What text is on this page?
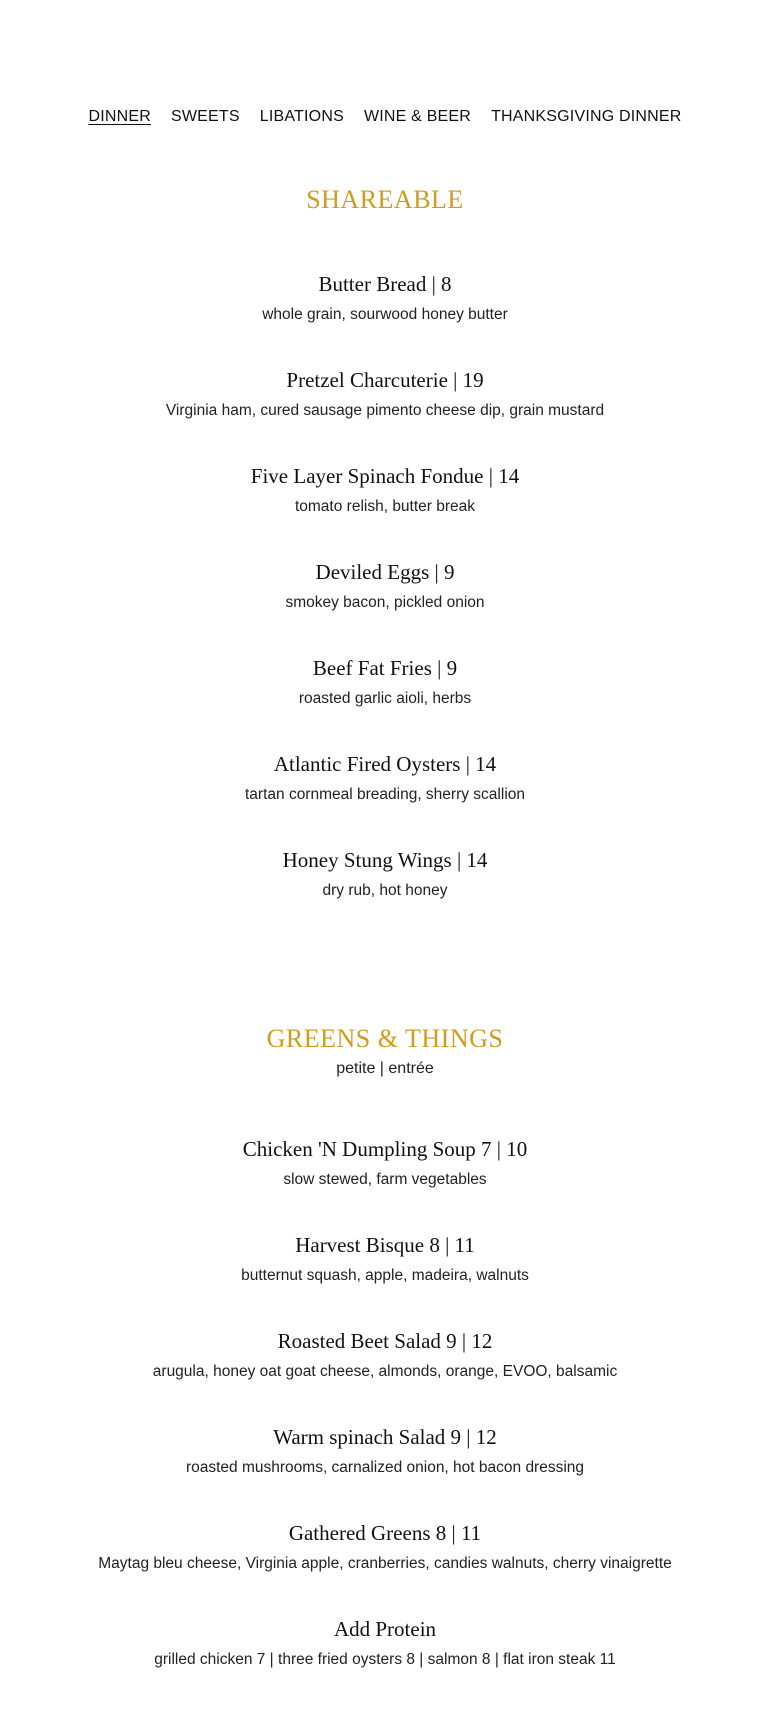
DINNER SWEETS LIBATIONS WINE & BEER THANKSGIVING DINNER
SHAREABLE
Butter Bread | 8
whole grain, sourwood honey butter
Pretzel Charcuterie | 19
Virginia ham, cured sausage pimento cheese dip, grain mustard
Five Layer Spinach Fondue | 14
tomato relish, butter break
Deviled Eggs | 9
smokey bacon, pickled onion
Beef Fat Fries | 9
roasted garlic aioli, herbs
Atlantic Fired Oysters | 14
tartan cornmeal breading, sherry scallion
Honey Stung Wings | 14
dry rub, hot honey
GREENS & THINGS
petite | entrée
Chicken 'N Dumpling Soup 7 | 10
slow stewed, farm vegetables
Harvest Bisque 8 | 11
butternut squash, apple, madeira, walnuts
Roasted Beet Salad 9 | 12
arugula, honey oat goat cheese, almonds, orange, EVOO, balsamic
Warm spinach Salad 9 | 12
roasted mushrooms, carnalized onion, hot bacon dressing
Gathered Greens 8 | 11
Maytag bleu cheese, Virginia apple, cranberries, candies walnuts, cherry vinaigrette
Add Protein
grilled chicken 7 | three fried oysters 8 | salmon 8 | flat iron steak 11
